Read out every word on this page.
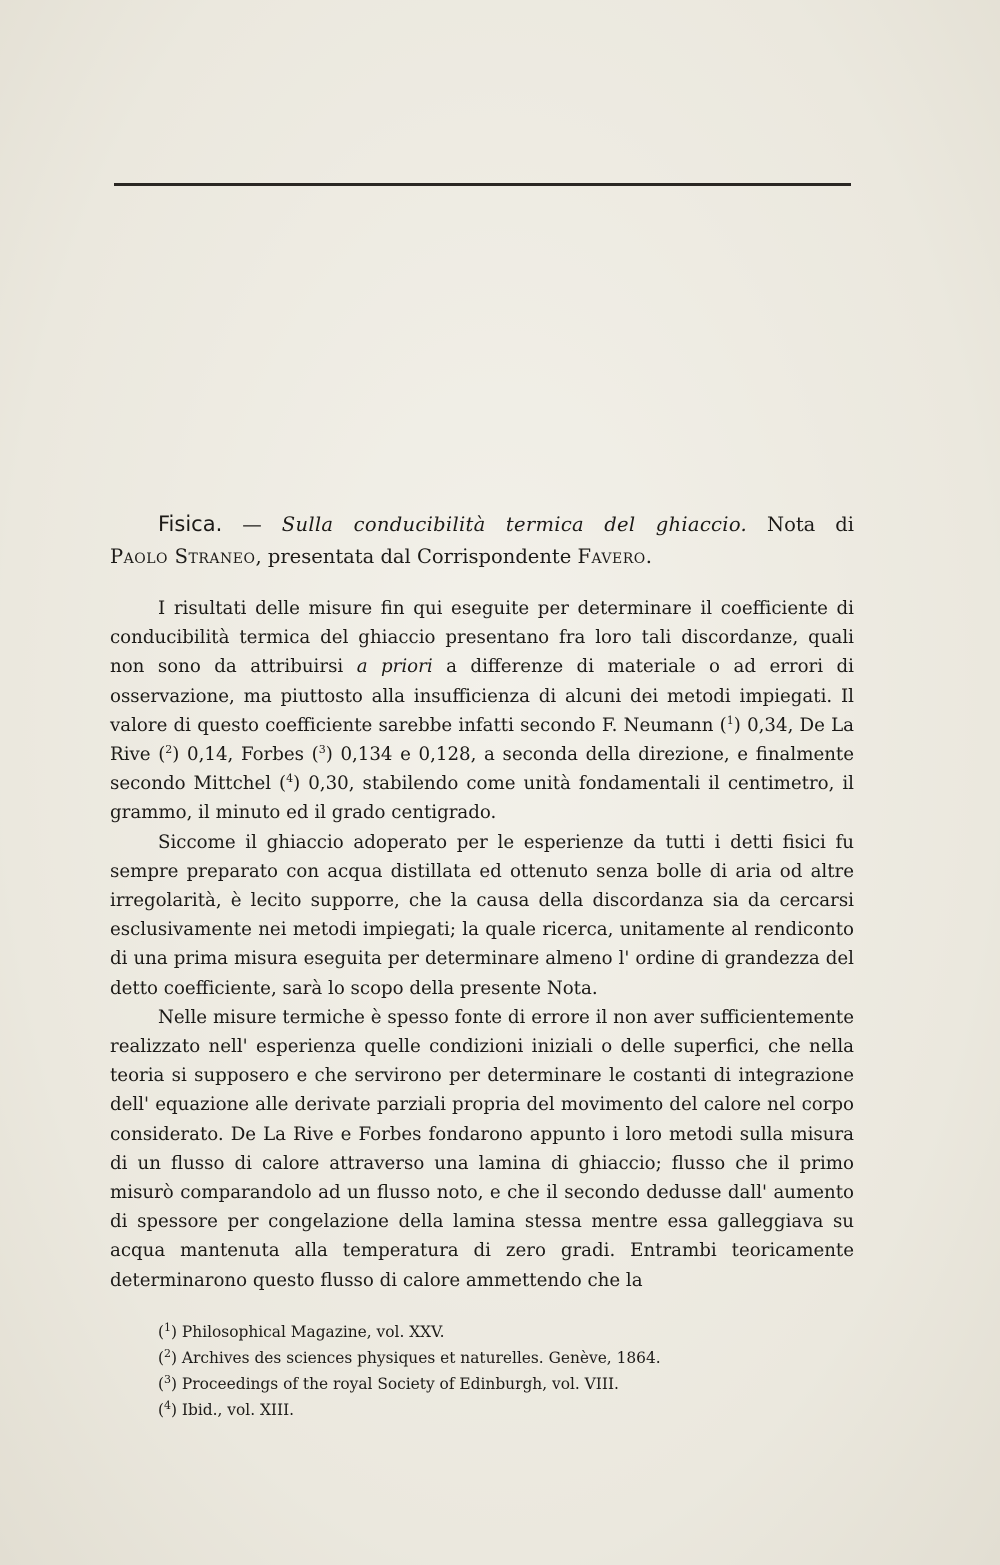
Fisica. — Sulla conducibilità termica del ghiaccio. Nota di
Paolo Straneo, presentata dal Corrispondente Favero.

I risultati delle misure fin qui eseguite per determinare il coefficiente di conducibilità termica del ghiaccio presentano fra loro tali discordanze, quali non sono da attribuirsi a priori a differenze di materiale o ad errori di osservazione, ma piuttosto alla insufficienza di alcuni dei metodi impiegati. Il valore di questo coefficiente sarebbe infatti secondo F. Neumann ($^1$) 0,34, De La Rive ($^2$) 0,14, Forbes ($^3$) 0,134 e 0,128, a seconda della direzione, e finalmente secondo Mittchel ($^4$) 0,30, stabilendo come unità fondamentali il centimetro, il grammo, il minuto ed il grado centigrado.

Siccome il ghiaccio adoperato per le esperienze da tutti i detti fisici fu sempre preparato con acqua distillata ed ottenuto senza bolle di aria od altre irregolarità, è lecito supporre, che la causa della discordanza sia da cercarsi esclusivamente nei metodi impiegati; la quale ricerca, unitamente al rendiconto di una prima misura eseguita per determinare almeno l' ordine di grandezza del detto coefficiente, sarà lo scopo della presente Nota.

Nelle misure termiche è spesso fonte di errore il non aver sufficientemente realizzato nell' esperienza quelle condizioni iniziali o delle superfici, che nella teoria si supposero e che servirono per determinare le costanti di integrazione dell' equazione alle derivate parziali propria del movimento del calore nel corpo considerato. De La Rive e Forbes fondarono appunto i loro metodi sulla misura di un flusso di calore attraverso una lamina di ghiaccio; flusso che il primo misurò comparandolo ad un flusso noto, e che il secondo dedusse dall' aumento di spessore per congelazione della lamina stessa mentre essa galleggiava su acqua mantenuta alla temperatura di zero gradi. Entrambi teoricamente determinarono questo flusso di calore ammettendo che la

($^1$) Philosophical Magazine, vol. XXV.
($^2$) Archives des sciences physiques et naturelles. Genève, 1864.
($^3$) Proceedings of the royal Society of Edinburgh, vol. VIII.
($^4$) Ibid., vol. XIII.
